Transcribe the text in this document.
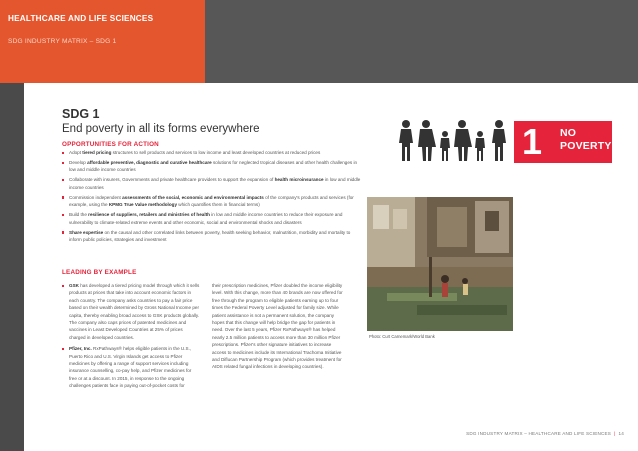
HEALTHCARE AND LIFE SCIENCES
SDG INDUSTRY MATRIX – SDG 1
SDG 1
End poverty in all its forms everywhere
OPPORTUNITIES FOR ACTION
Adopt tiered pricing structures to sell products and services to low income and least developed countries at reduced prices
Develop affordable preventive, diagnostic and curative healthcare solutions for neglected tropical diseases and other health challenges in low and middle income countries
Collaborate with insurers, Governments and private healthcare providers to support the expansion of health microinsurance in low and middle income countries
Commission independent assessments of the social, economic and environmental impacts of the company's products and services (for example, using the KPMG True Value methodology which quantifies them in financial terms)
Build the resilience of suppliers, retailers and ministries of health in low and middle income countries to reduce their exposure and vulnerability to climate-related extreme events and other economic, social and environmental shocks and disasters
Share expertise on the causal and other correlated links between poverty, health seeking behavior, malnutrition, morbidity and mortality to inform public policies, strategies and investment
LEADING BY EXAMPLE

GSK has developed a tiered pricing model through which it sells products at prices that take into account economic factors in each country. The company asks countries to pay a fair price based on their wealth determined by Gross National Income per capita, thereby enabling broad access to GSK products globally. The company also caps prices of patented medicines and vaccines in Least Developed Countries at 25% of prices charged in developed countries.

Pfizer, Inc. RxPathways® helps eligible patients in the U.S., Puerto Rico and U.S. Virgin Islands get access to Pfizer medicines by offering a range of support services including insurance counselling, co-pay help, and Pfizer medicines for free or at a discount. In 2015, in response to the ongoing challenges patients face in paying out-of-pocket costs for

their prescription medicines, Pfizer doubled the income eligibility level. With this change, more than 40 brands are now offered for free through the program to eligible patients earning up to four times the Federal Poverty Level adjusted for family size. While patient assistance is not a permanent solution, the company hopes that this change will help bridge the gap for patients in need. Over the last 5 years, Pfizer RxPathways® has helped nearly 2.5 million patients to access more than 30 million Pfizer prescriptions. Pfizer's other signature initiatives to increase access to medicines include its International Trachoma Initiative and Diflucan Partnership Program (which provides treatment for AIDS related fungal infections in developing countries).

1 NO
POVERTY
Photo: Curt Carnemark/World Bank
SDG INDUSTRY MATRIX – HEALTHCARE AND LIFE SCIENCES | 14
